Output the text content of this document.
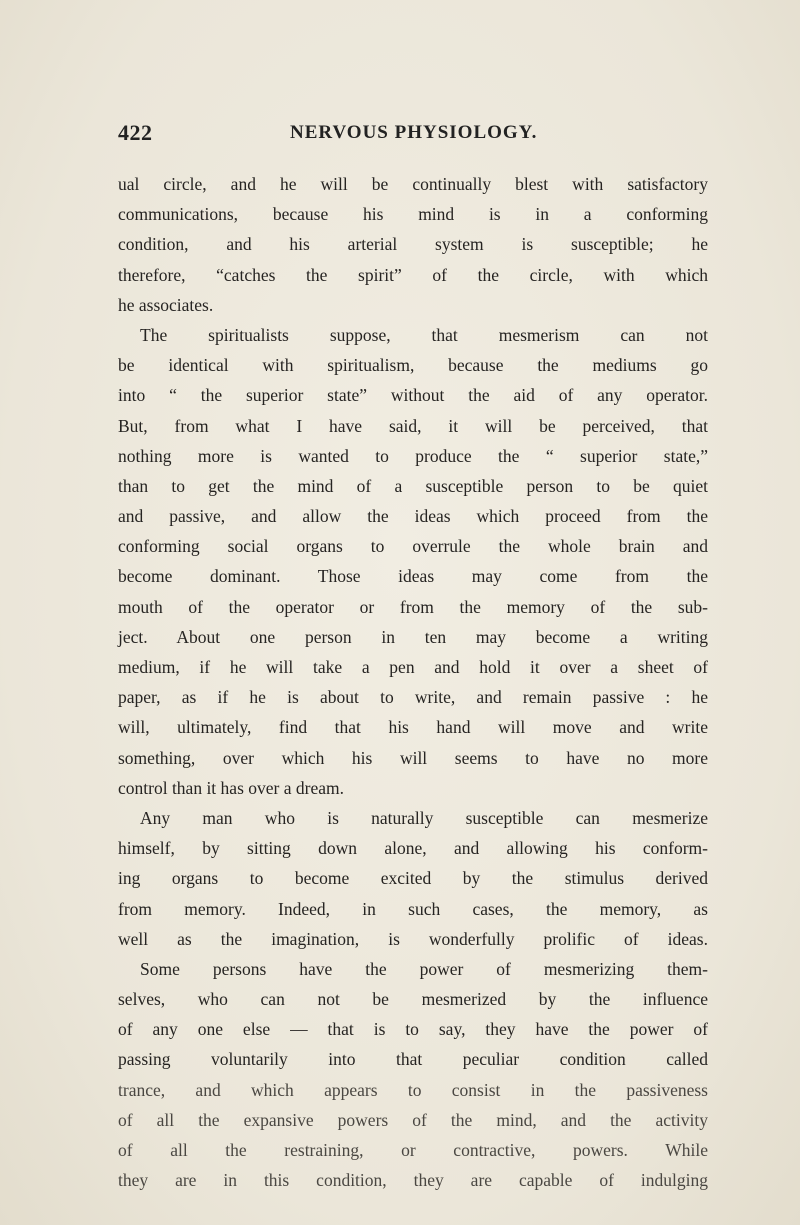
422	NERVOUS PHYSIOLOGY.
ual circle, and he will be continually blest with satisfactory
communications, because his mind is in a conforming
condition, and his arterial system is susceptible; he
therefore, “catches the spirit” of the circle, with which
he associates.
The spiritualists suppose, that mesmerism can not
be identical with spiritualism, because the mediums go
into “ the superior state” without the aid of any operator.
But, from what I have said, it will be perceived, that
nothing more is wanted to produce the “ superior state,”
than to get the mind of a susceptible person to be quiet
and passive, and allow the ideas which proceed from the
conforming social organs to overrule the whole brain and
become dominant. Those ideas may come from the
mouth of the operator or from the memory of the sub-
ject. About one person in ten may become a writing
medium, if he will take a pen and hold it over a sheet of
paper, as if he is about to write, and remain passive : he
will, ultimately, find that his hand will move and write
something, over which his will seems to have no more
control than it has over a dream.
Any man who is naturally susceptible can mesmerize
himself, by sitting down alone, and allowing his conform-
ing organs to become excited by the stimulus derived
from memory. Indeed, in such cases, the memory, as
well as the imagination, is wonderfully prolific of ideas.
Some persons have the power of mesmerizing them-
selves, who can not be mesmerized by the influence
of any one else — that is to say, they have the power of
passing voluntarily into that peculiar condition called
trance, and which appears to consist in the passiveness
of all the expansive powers of the mind, and the activity
of all the restraining, or contractive, powers. While
they are in this condition, they are capable of indulging
